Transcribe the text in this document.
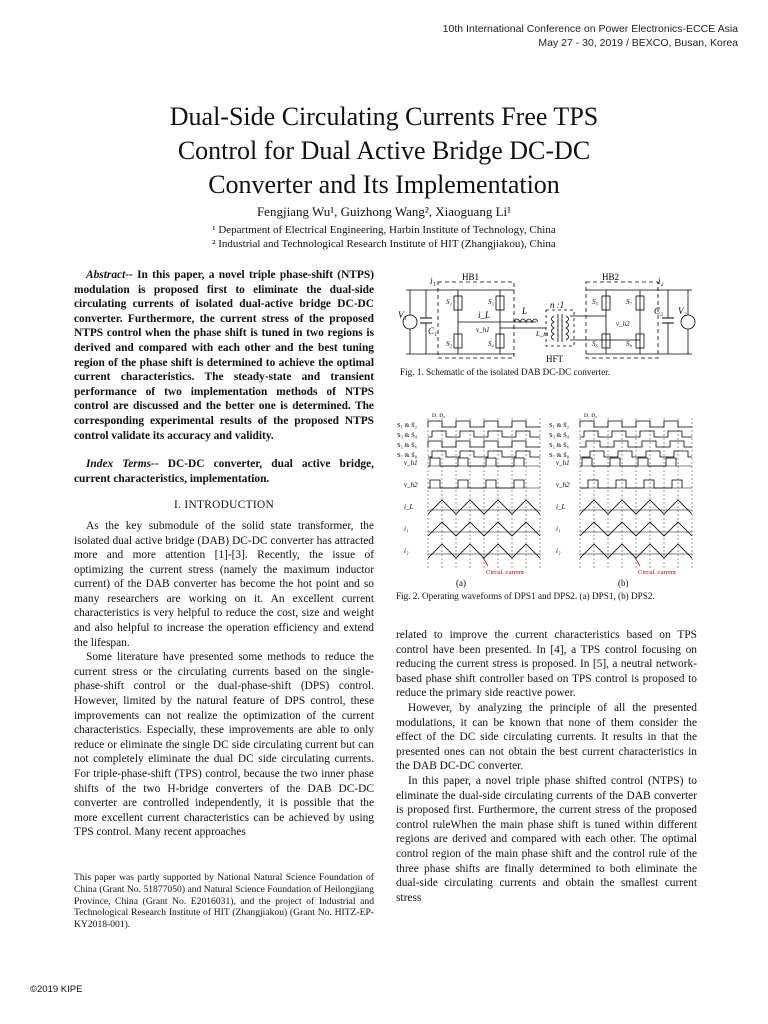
10th International Conference on Power Electronics-ECCE Asia
May 27 - 30, 2019 / BEXCO, Busan, Korea
Dual-Side Circulating Currents Free TPS
Control for Dual Active Bridge DC-DC
Converter and Its Implementation
Fengjiang Wu¹, Guizhong Wang², Xiaoguang Li¹
¹ Department of Electrical Engineering, Harbin Institute of Technology, China
² Industrial and Technological Research Institute of HIT (Zhangjiakou), China

Abstract-- In this paper, a novel triple phase-shift (NTPS) modulation is proposed first to eliminate the dual-side circulating currents of isolated dual-active bridge DC-DC converter. Furthermore, the current stress of the proposed NTPS control when the phase shift is tuned in two regions is derived and compared with each other and the best tuning region of the phase shift is determined to achieve the optimal current characteristics. The steady-state and transient performance of two implementation methods of NTPS control are discussed and the better one is determined. The corresponding experimental results of the proposed NTPS control validate its accuracy and validity.

Index Terms-- DC-DC converter, dual active bridge, current characteristics, implementation.

I. INTRODUCTION

As the key submodule of the solid state transformer, the isolated dual active bridge (DAB) DC-DC converter has attracted more and more attention [1]-[3]. Recently, the issue of optimizing the current stress (namely the maximum inductor current) of the DAB converter has become the hot point and so many researchers are working on it. An excellent current characteristics is very helpful to reduce the cost, size and weight and also helpful to increase the operation efficiency and extend the lifespan.

Some literature have presented some methods to reduce the current stress or the circulating currents based on the single-phase-shift control or the dual-phase-shift (DPS) control. However, limited by the natural feature of DPS control, these improvements can not realize the optimization of the current characteristics. Especially, these improvements are able to only reduce or eliminate the single DC side circulating current but can not completely eliminate the dual DC side circulating currents. For triple-phase-shift (TPS) control, because the two inner phase shifts of the two H-bridge converters of the DAB DC-DC converter are controlled independently, it is possible that the more excellent current characteristics can be achieved by using TPS control. Many recent approaches

This paper was partly supported by National Natural Science Foundation of China (Grant No. 51877050) and Natural Science Foundation of Heilongjiang Province, China (Grant No. E2016031), and the project of Industrial and Technological Research Institute of HIT (Zhangjiakou) (Grant No. HITZ-EP-KY2018-001).
HB1	HB2
HFT
n :1
V₁
C₁
V₂
C₂
i₁	i₂
i_L	L
v_h1
v_h2
L_m
S₁
S₂
S₃
S₄
S₅
S₆
S₇
S₈
Fig. 1. Schematic of the isolated DAB DC-DC converter.
S₁ & S̄₂
S₃ & S̄₄
S₅ & S̄₆
S₇ & S̄₈
D₁ D₂
v_h1
v_h2
i_L
i₁
i₂
Circul. current
S₁ & S̄₂
S₃ & S̄₄
S₅ & S̄₆
S₇ & S̄₈
D₁ D₂
v_h1
v_h2
i_L
i₁
i₂
Circul. current
(a)	(b)
Fig. 2. Operating waveforms of DPS1 and DPS2. (a) DPS1, (b) DPS2.

related to improve the current characteristics based on TPS control have been presented. In [4], a TPS control focusing on reducing the current stress is proposed. In [5], a neutral network-based phase shift controller based on TPS control is proposed to reduce the primary side reactive power.

However, by analyzing the principle of all the presented modulations, it can be known that none of them consider the effect of the DC side circulating currents. It results in that the presented ones can not obtain the best current characteristics in the DAB DC-DC converter.

In this paper, a novel triple phase shifted control (NTPS) to eliminate the dual-side circulating currents of the DAB converter is proposed first. Furthermore, the current stress of the proposed control ruleWhen the main phase shift is tuned within different regions are derived and compared with each other. The optimal control region of the main phase shift and the control rule of the three phase shifts are finally determined to both eliminate the dual-side circulating currents and obtain the smallest current stress

©2019 KIPE
